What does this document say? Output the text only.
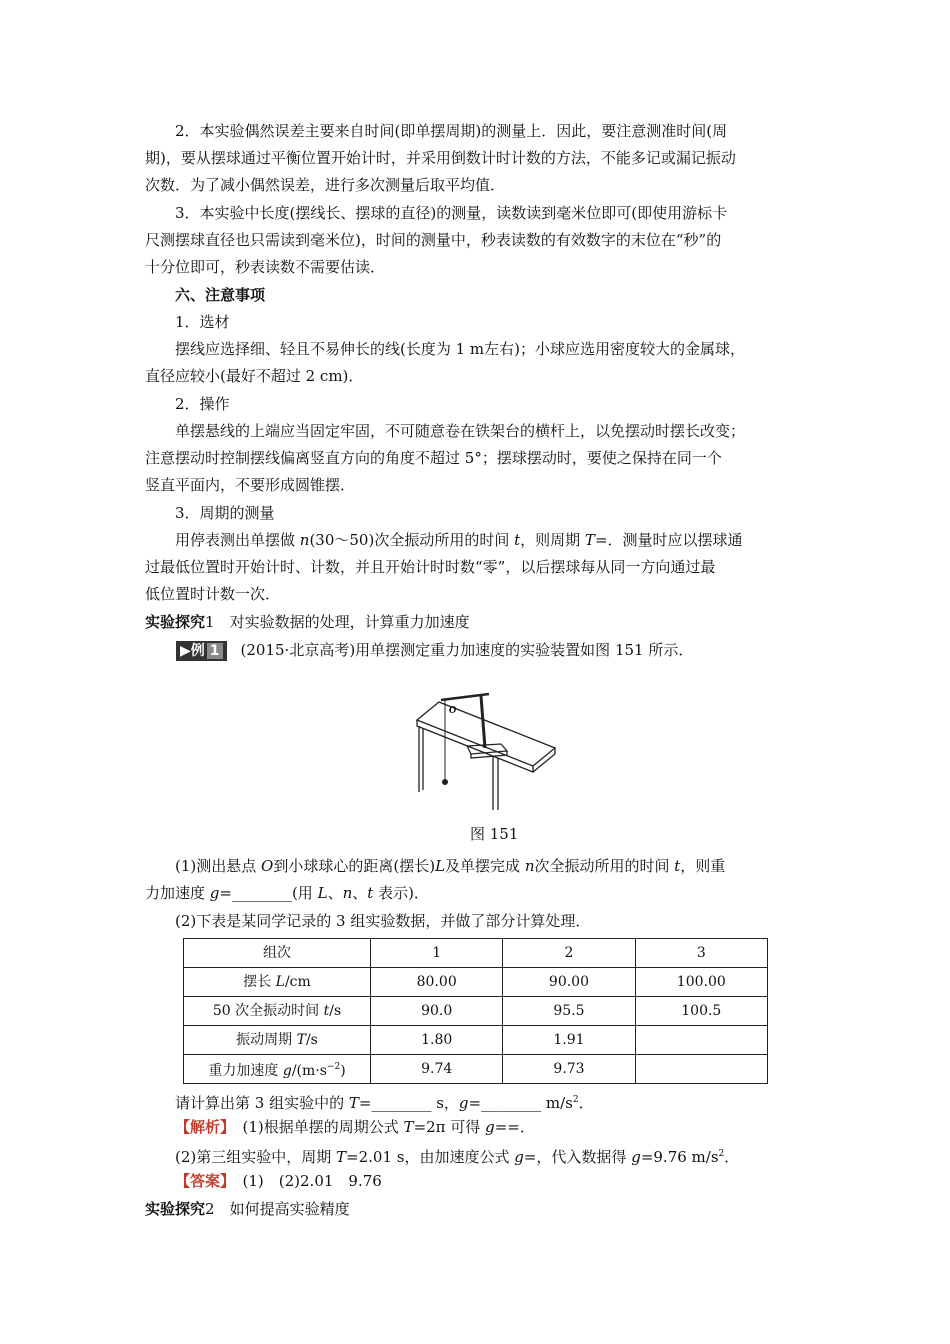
2．本实验偶然误差主要来自时间(即单摆周期)的测量上．因此，要注意测准时间(周
期)，要从摆球通过平衡位置开始计时，并采用倒数计时计数的方法，不能多记或漏记振动
次数．为了减小偶然误差，进行多次测量后取平均值．
3．本实验中长度(摆线长、摆球的直径)的测量，读数读到毫米位即可(即使用游标卡
尺测摆球直径也只需读到毫米位)，时间的测量中，秒表读数的有效数字的末位在“秒”的
十分位即可，秒表读数不需要估读．
六、注意事项
1．选材
摆线应选择细、轻且不易伸长的线(长度为 1 m左右)；小球应选用密度较大的金属球，
直径应较小(最好不超过 2 cm)．
2．操作
单摆悬线的上端应当固定牢固，不可随意卷在铁架台的横杆上，以免摆动时摆长改变；
注意摆动时控制摆线偏离竖直方向的角度不超过 5°；摆球摆动时，要使之保持在同一个
竖直平面内，不要形成圆锥摆．
3．周期的测量
用停表测出单摆做 n(30～50)次全振动所用的时间 t，则周期 T=．测量时应以摆球通
过最低位置时开始计时、计数，并且开始计时时数“零”，以后摆球每从同一方向通过最
低位置时计数一次．
实验探究1　对实验数据的处理，计算重力加速度
▶例 1 (2015·北京高考)用单摆测定重力加速度的实验装置如图 151 所示．
O
图 151
(1)测出悬点 O到小球球心的距离(摆长)L及单摆完成 n次全振动所用的时间 t，则重
力加速度 g=________(用 L、n、t 表示)．
(2)下表是某同学记录的 3 组实验数据，并做了部分计算处理．
组次	1	2	3
摆长 L/cm	80.00	90.00	100.00
50 次全振动时间 t/s	90.0	95.5	100.5
振动周期 T/s	1.80	1.91	
重力加速度 $g/(m\cdot s^{-2})$	9.74	9.73	
请计算出第 3 组实验中的 T=________ s，g=________ $m/s^2$．
【解析】　(1)根据单摆的周期公式 T=2π 可得 g==．
(2)第三组实验中，周期 T=2.01 s，由加速度公式 g=，代入数据得 g=9.76 $m/s^2$．
【答案】　(1)　(2)2.01　9.76
实验探究2　如何提高实验精度
